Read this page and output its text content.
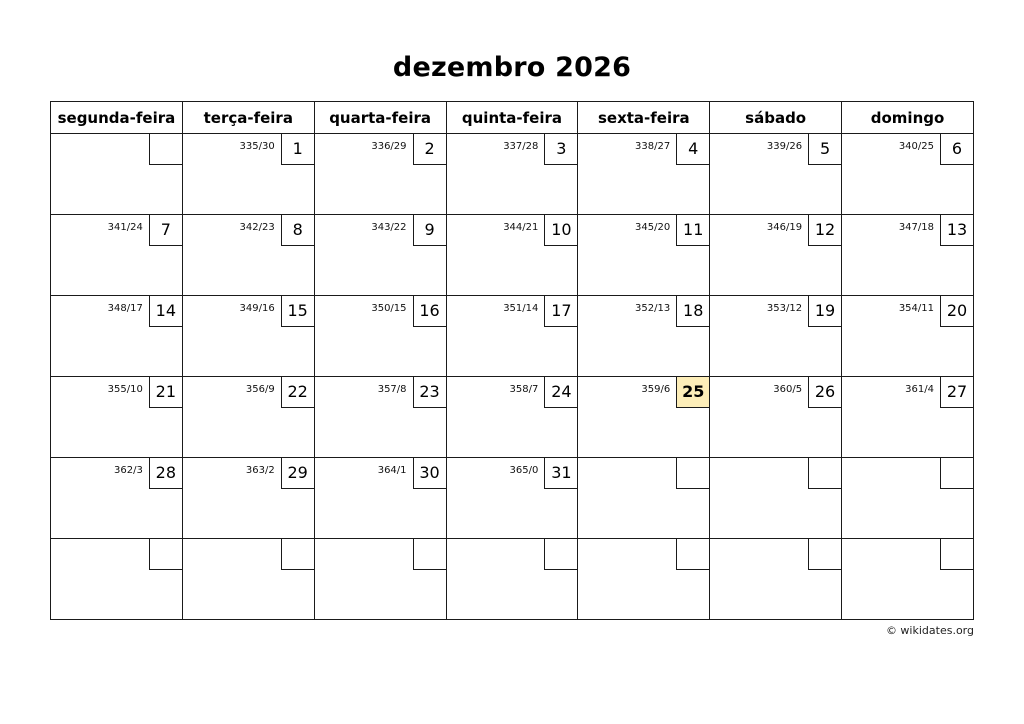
dezembro 2026
segunda-feira	terça-feira	quarta-feira	quinta-feira	sexta-feira	sábado	domingo

	335/30 1	336/29 2	337/28 3	338/27 4	339/26 5	340/25 6

341/24 7	342/23 8	343/22 9	344/21 10	345/20 11	346/19 12	347/18 13

348/17 14	349/16 15	350/15 16	351/14 17	352/13 18	353/12 19	354/11 20

355/10 21	356/9 22	357/8 23	358/7 24	359/6 25	360/5 26	361/4 27

362/3 28	363/2 29	364/1 30	365/0 31			

© wikidates.org
